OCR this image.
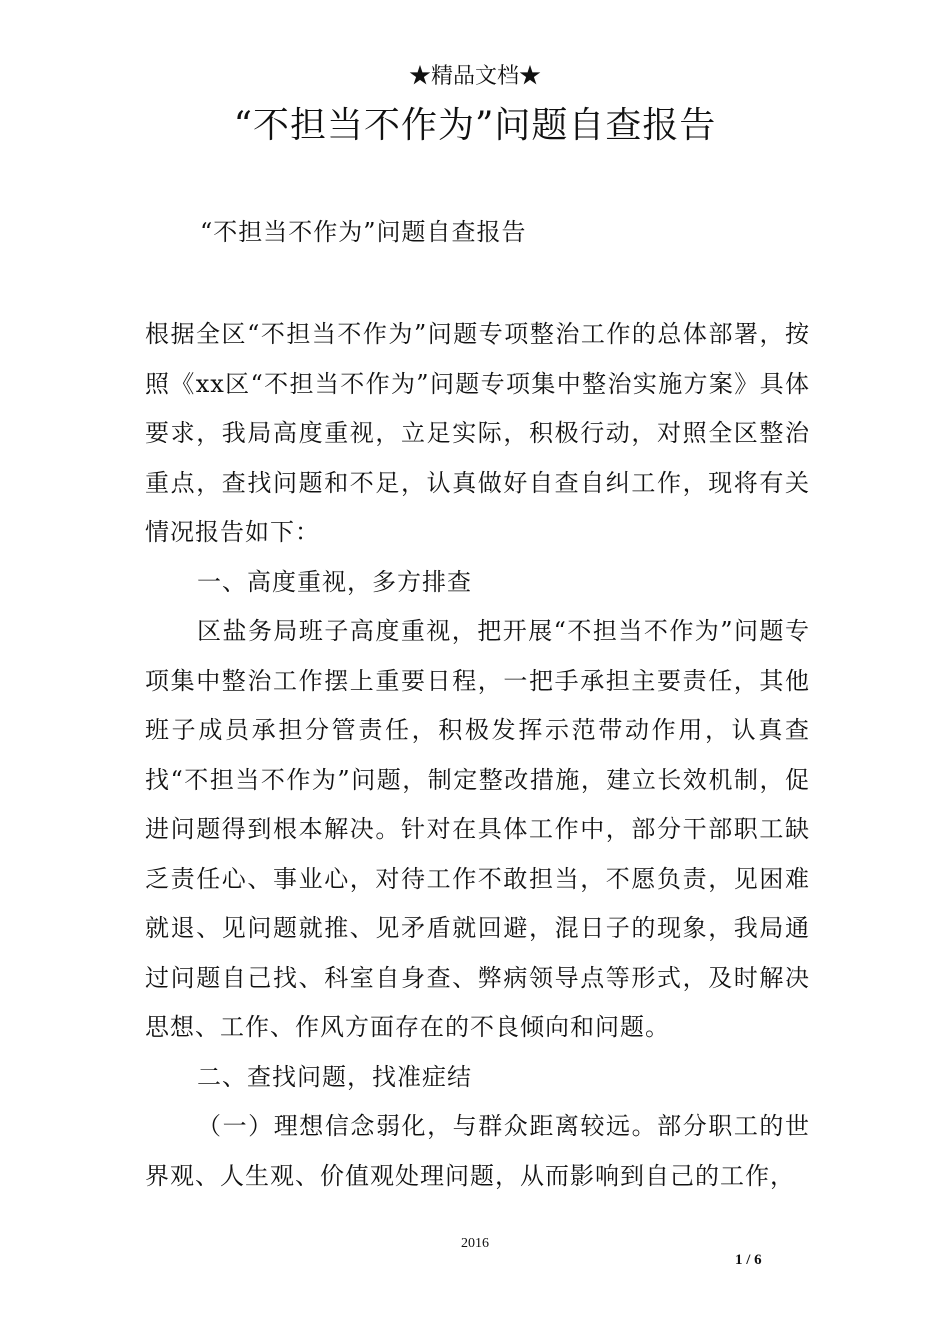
★精品文档★
“不担当不作为”问题自查报告
“不担当不作为”问题自查报告

根据全区“不担当不作为”问题专项整治工作的总体部署，按照《xx区“不担当不作为”问题专项集中整治实施方案》具体要求，我局高度重视，立足实际，积极行动，对照全区整治重点，查找问题和不足，认真做好自查自纠工作，现将有关情况报告如下：

一、高度重视，多方排查

区盐务局班子高度重视，把开展“不担当不作为”问题专项集中整治工作摆上重要日程，一把手承担主要责任，其他班子成员承担分管责任，积极发挥示范带动作用，认真查找“不担当不作为”问题，制定整改措施，建立长效机制，促进问题得到根本解决。针对在具体工作中，部分干部职工缺乏责任心、事业心，对待工作不敢担当，不愿负责，见困难就退、见问题就推、见矛盾就回避，混日子的现象，我局通过问题自己找、科室自身查、弊病领导点等形式，及时解决思想、工作、作风方面存在的不良倾向和问题。

二、查找问题，找准症结

（一）理想信念弱化，与群众距离较远。部分职工的世界观、人生观、价值观处理问题，从而影响到自己的工作，

2016
1 / 6
